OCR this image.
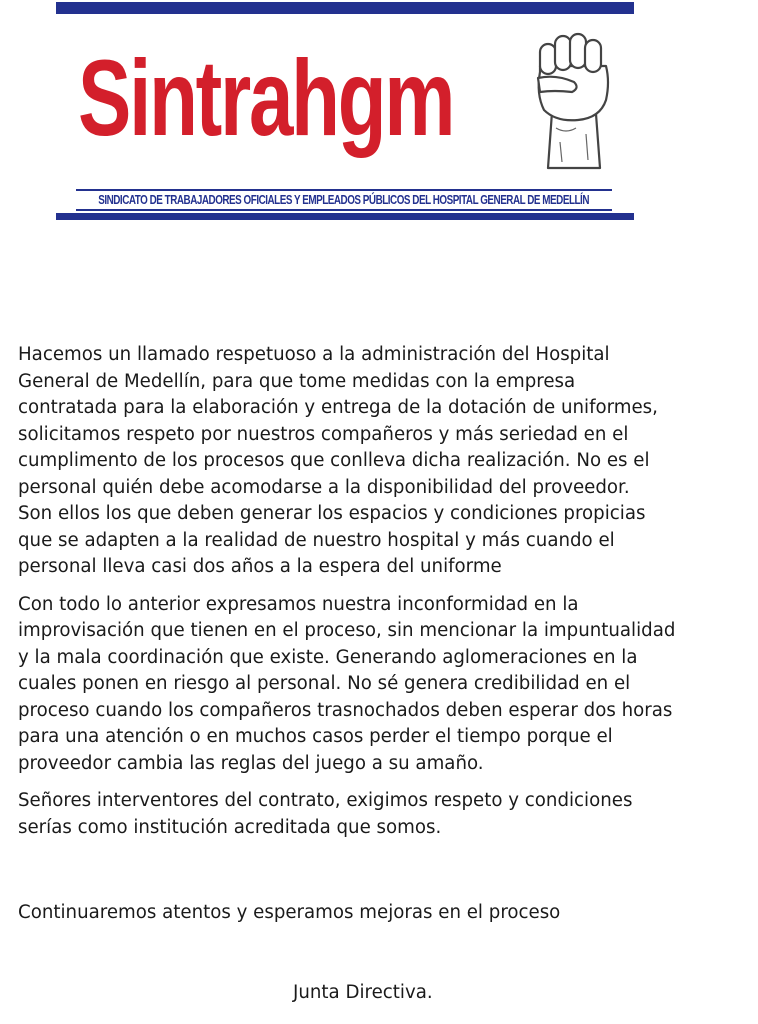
Sintrahgm
SINDICATO DE TRABAJADORES OFICIALES Y EMPLEADOS PÚBLICOS DEL HOSPITAL GENERAL DE MEDELLÍN

Hacemos un llamado respetuoso a la administración del Hospital
General de Medellín, para que tome medidas con la empresa
contratada para la elaboración y entrega de la dotación de uniformes,
solicitamos respeto por nuestros compañeros y más seriedad en el
cumplimento de los procesos que conlleva dicha realización. No es el
personal quién debe acomodarse a la disponibilidad del proveedor.
Son ellos los que deben generar los espacios y condiciones propicias
que se adapten a la realidad de nuestro hospital y más cuando el
personal lleva casi dos años a la espera del uniforme

Con todo lo anterior expresamos nuestra inconformidad en la
improvisación que tienen en el proceso, sin mencionar la impuntualidad
y la mala coordinación que existe. Generando aglomeraciones en la
cuales ponen en riesgo al personal. No sé genera credibilidad en el
proceso cuando los compañeros trasnochados deben esperar dos horas
para una atención o en muchos casos perder el tiempo porque el
proveedor cambia las reglas del juego a su amaño.

Señores interventores del contrato, exigimos respeto y condiciones
serías como institución acreditada que somos.

Continuaremos atentos y esperamos mejoras en el proceso
Junta Directiva.
